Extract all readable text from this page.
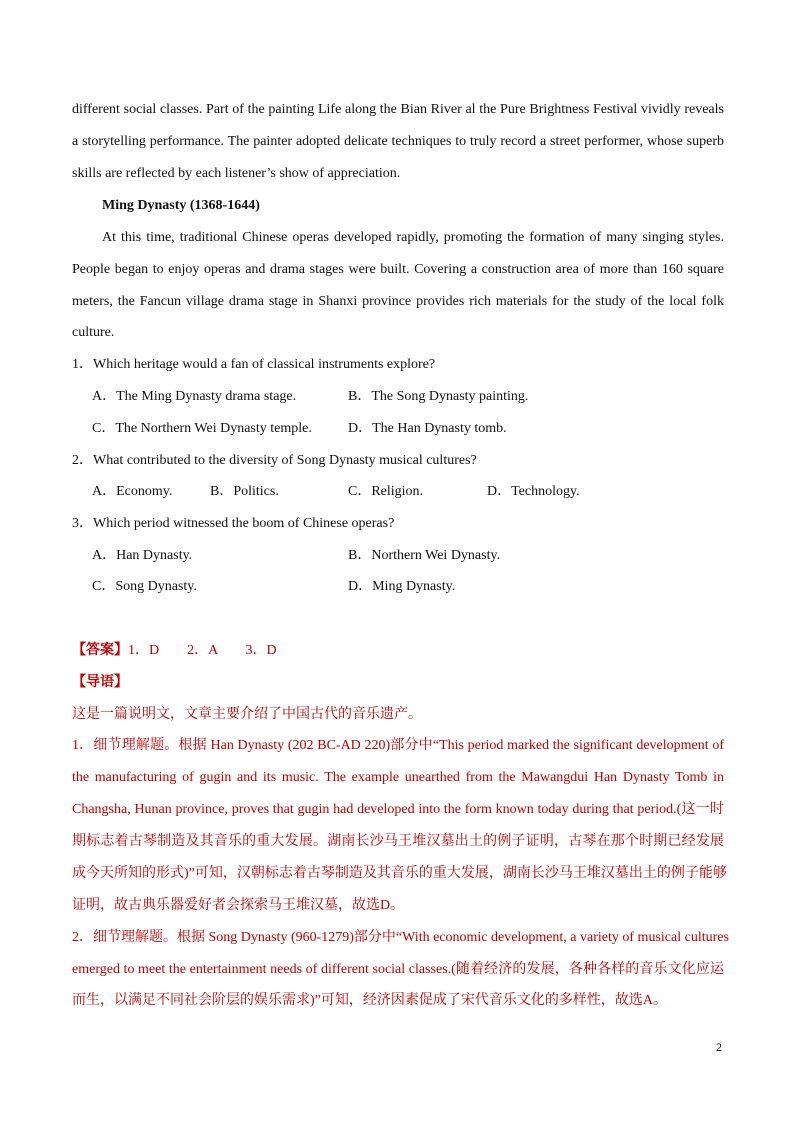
different social classes. Part of the painting Life along the Bian River al the Pure Brightness Festival vividly reveals
a storytelling performance. The painter adopted delicate techniques to truly record a street performer, whose superb
skills are reflected by each listener’s show of appreciation.
Ming Dynasty (1368-1644)
At this time, traditional Chinese operas developed rapidly, promoting the formation of many singing styles.
People began to enjoy operas and drama stages were built. Covering a construction area of more than 160 square
meters, the Fancun village drama stage in Shanxi province provides rich materials for the study of the local folk
culture.
1．Which heritage would a fan of classical instruments explore?
A．The Ming Dynasty drama stage.	B．The Song Dynasty painting.
C．The Northern Wei Dynasty temple.	D．The Han Dynasty tomb.
2．What contributed to the diversity of Song Dynasty musical cultures?
A．Economy.	B．Politics.	C．Religion.	D．Technology.
3．Which period witnessed the boom of Chinese operas?
A．Han Dynasty.	B．Northern Wei Dynasty.
C．Song Dynasty.	D．Ming Dynasty.
【答案】1．D　　2．A　　3．D
【导语】
这是一篇说明文，文章主要介绍了中国古代的音乐遗产。
1．细节理解题。根据 Han Dynasty (202 BC-AD 220)部分中“This period marked the significant development of
the manufacturing of gugin and its music. The example unearthed from the Mawangdui Han Dynasty Tomb in
Changsha, Hunan province, proves that gugin had developed into the form known today during that period.(这一时
期标志着古琴制造及其音乐的重大发展。湖南长沙马王堆汉墓出土的例子证明，古琴在那个时期已经发展
成今天所知的形式)”可知，汉朝标志着古琴制造及其音乐的重大发展，湖南长沙马王堆汉墓出土的例子能够
证明，故古典乐器爱好者会探索马王堆汉墓，故选D。
2．细节理解题。根据 Song Dynasty (960-1279)部分中“With economic development, a variety of musical cultures
emerged to meet the entertainment needs of different social classes.(随着经济的发展，各种各样的音乐文化应运
而生，以满足不同社会阶层的娱乐需求)”可知，经济因素促成了宋代音乐文化的多样性，故选A。
2
